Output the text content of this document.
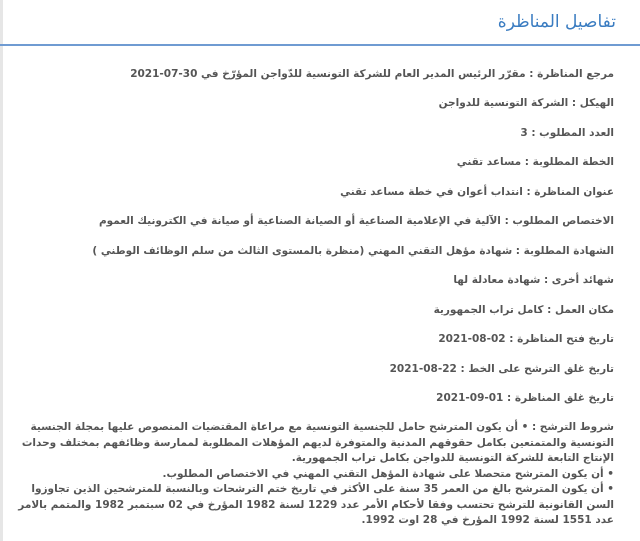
تفاصيل المناظرة
مرجع المناظرة : مقرّر الرئيس المدير العام للشركة التونسية للدّواجن المؤرّخ في 30-07-2021
الهيكل : الشركة التونسية للدواجن
العدد المطلوب : 3
الخطة المطلوبة : مساعد تقني
عنوان المناظرة : انتداب أعوان في خطة مساعد تقني
الاختصاص المطلوب : الآلية في الإعلامية الصناعية أو الصيانة الصناعية أو صيانة في الكترونيك العموم
الشهادة المطلوبة : شهادة مؤهل التقني المهني (منظرة بالمستوى الثالث من سلم الوظائف الوطني )
شهائد أخرى : شهادة معادلة لها
مكان العمل : كامل تراب الجمهورية
تاريخ فتح المناظرة : 02-08-2021
تاريخ غلق الترشح على الخط : 22-08-2021
تاريخ غلق المناظرة : 01-09-2021

شروط الترشح : • أن يكون المترشح حامل للجنسية التونسية مع مراعاة المقتضيات المنصوص عليها بمجلة الجنسية التونسية والمتمتعين بكامل حقوقهم المدنية والمتوفرة لديهم المؤهلات المطلوبة لممارسة وظائفهم بمختلف وحدات الإنتاج التابعة للشركة التونسية للدواجن بكامل تراب الجمهورية.

• أن يكون المترشح متحصلا على شهادة المؤهل التقني المهني في الاختصاص المطلوب.

• أن يكون المترشح بالغ من العمر 35 سنة على الأكثر في تاريخ ختم الترشحات وبالنسبة للمترشحين الذين تجاوزوا السن القانونية للترشح تحتسب وفقا لأحكام الأمر عدد 1229 لسنة 1982 المؤرخ في 02 سبتمبر 1982 والمتمم بالامر عدد 1551 لسنة 1992 المؤرخ في 28 اوت 1992.
